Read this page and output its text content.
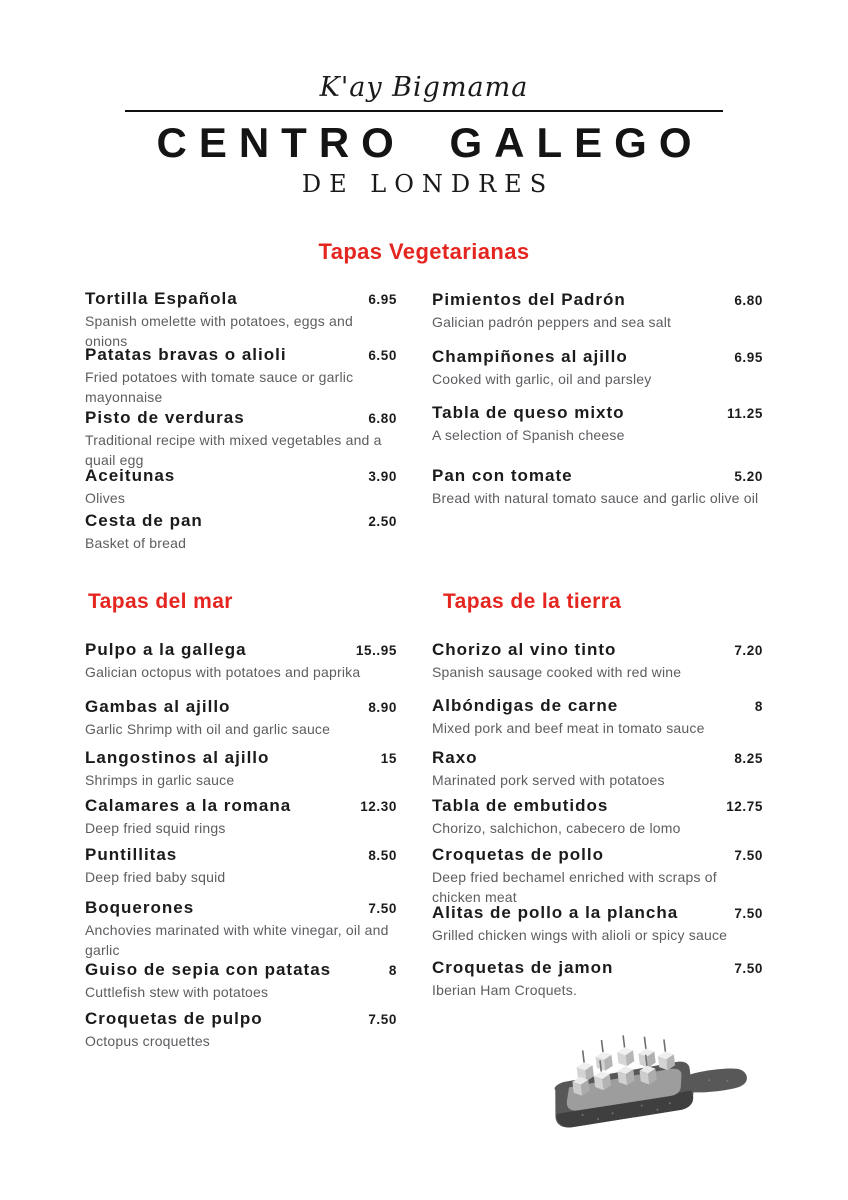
K'ay Bigmama
CENTRO GALEGO
DE LONDRES
Tapas Vegetarianas
Tortilla Española	6.95
Spanish omelette with potatoes, eggs and onions
Patatas bravas o alioli	6.50
Fried potatoes with tomate sauce or garlic mayonnaise
Pisto de verduras	6.80
Traditional recipe with mixed vegetables and a quail egg
Aceitunas	3.90
Olives
Cesta de pan	2.50
Basket of bread
Pimientos del Padrón	6.80
Galician padrón peppers and sea salt
Champiñones al ajillo	6.95
Cooked with garlic, oil and parsley
Tabla de queso mixto	11.25
A selection of Spanish cheese
Pan con tomate	5.20
Bread with natural tomato sauce and garlic olive oil
Tapas del mar	Tapas de la tierra
Pulpo a la gallega	15..95
Galician octopus with potatoes and paprika
Gambas al ajillo	8.90
Garlic Shrimp with oil and garlic sauce
Langostinos al ajillo	15
Shrimps in garlic sauce
Calamares a la romana	12.30
Deep fried squid rings
Puntillitas	8.50
Deep fried baby squid
Boquerones	7.50
Anchovies marinated with white vinegar, oil and garlic
Guiso de sepia con patatas	8
Cuttlefish stew with potatoes
Croquetas de pulpo	7.50
Octopus croquettes
Chorizo al vino tinto	7.20
Spanish sausage cooked with red wine
Albóndigas de carne	8
Mixed pork and beef meat in tomato sauce
Raxo	8.25
Marinated pork served with potatoes
Tabla de embutidos	12.75
Chorizo, salchichon, cabecero de lomo
Croquetas de pollo	7.50
Deep fried bechamel enriched with scraps of chicken meat
Alitas de pollo a la plancha	7.50
Grilled chicken wings with alioli or spicy sauce
Croquetas de jamon	7.50
Iberian Ham Croquets.
